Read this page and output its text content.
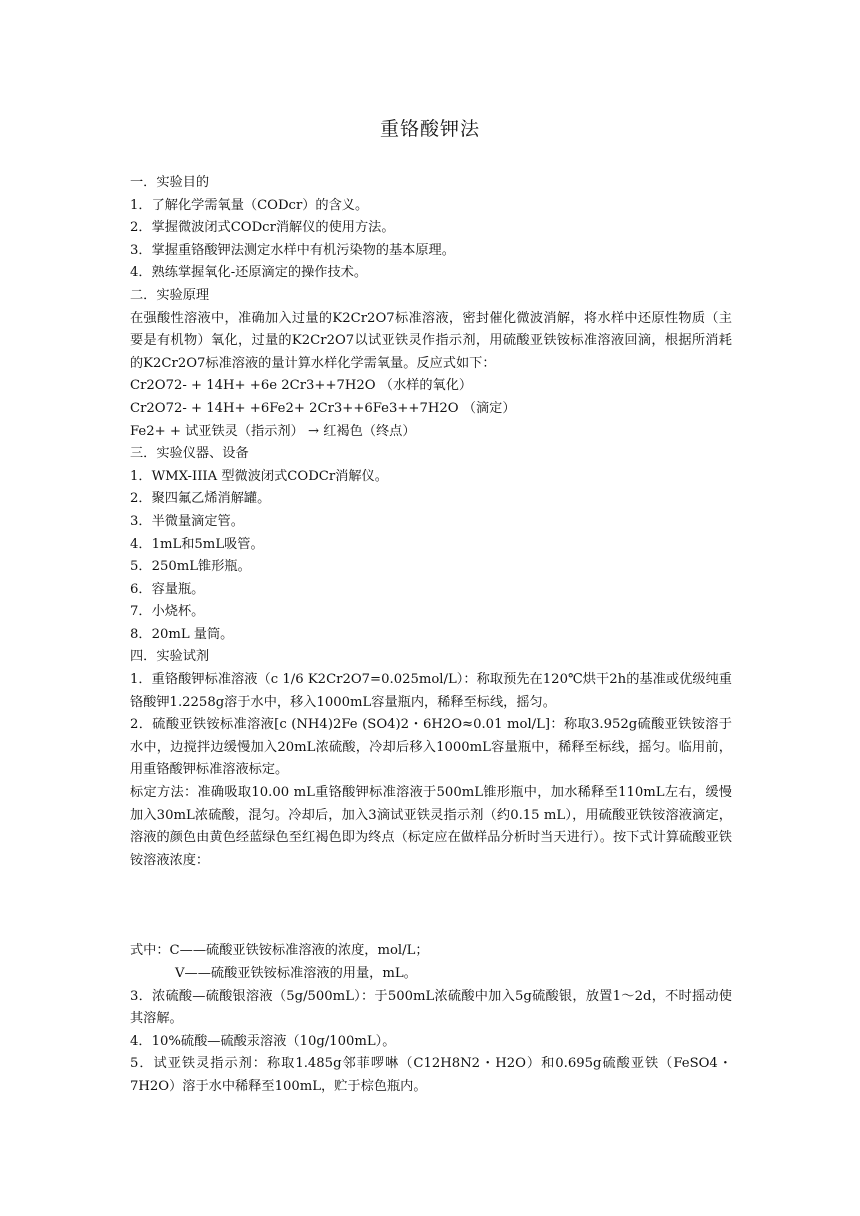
重铬酸钾法
一．实验目的
1．了解化学需氧量（CODcr）的含义。
2．掌握微波闭式CODcr消解仪的使用方法。
3．掌握重铬酸钾法测定水样中有机污染物的基本原理。
4．熟练掌握氧化-还原滴定的操作技术。
二．实验原理
在强酸性溶液中，准确加入过量的K2Cr2O7标准溶液，密封催化微波消解，将水样中还原性物质（主要是有机物）氧化，过量的K2Cr2O7以试亚铁灵作指示剂，用硫酸亚铁铵标准溶液回滴，根据所消耗的K2Cr2O7标准溶液的量计算水样化学需氧量。反应式如下：
Cr2O72- + 14H+ +6e 2Cr3++7H2O （水样的氧化）
Cr2O72- + 14H+ +6Fe2+ 2Cr3++6Fe3++7H2O （滴定）
Fe2+ + 试亚铁灵（指示剂） → 红褐色（终点）
三．实验仪器、设备
1．WMX-IIIA 型微波闭式CODCr消解仪。
2．聚四氟乙烯消解罐。
3．半微量滴定管。
4．1mL和5mL吸管。
5．250mL锥形瓶。
6．容量瓶。
7．小烧杯。
8．20mL 量筒。
四．实验试剂
1．重铬酸钾标准溶液（c 1/6 K2Cr2O7=0.025mol/L）：称取预先在120℃烘干2h的基准或优级纯重铬酸钾1.2258g溶于水中，移入1000mL容量瓶内，稀释至标线，摇匀。
2．硫酸亚铁铵标准溶液[c (NH4)2Fe (SO4)2・6H2O≈0.01 mol/L]：称取3.952g硫酸亚铁铵溶于水中，边搅拌边缓慢加入20mL浓硫酸，冷却后移入1000mL容量瓶中，稀释至标线，摇匀。临用前，用重铬酸钾标准溶液标定。
标定方法：准确吸取10.00 mL重铬酸钾标准溶液于500mL锥形瓶中，加水稀释至110mL左右，缓慢加入30mL浓硫酸，混匀。冷却后，加入3滴试亚铁灵指示剂（约0.15 mL），用硫酸亚铁铵溶液滴定，溶液的颜色由黄色经蓝绿色至红褐色即为终点（标定应在做样品分析时当天进行）。按下式计算硫酸亚铁铵溶液浓度：
式中：C——硫酸亚铁铵标准溶液的浓度，mol/L；
V——硫酸亚铁铵标准溶液的用量，mL。
3．浓硫酸—硫酸银溶液（5g/500mL）：于500mL浓硫酸中加入5g硫酸银，放置1～2d，不时摇动使其溶解。
4．10%硫酸—硫酸汞溶液（10g/100mL）。
5．试亚铁灵指示剂：称取1.485g邻菲啰啉（C12H8N2・H2O）和0.695g硫酸亚铁（FeSO4・7H2O）溶于水中稀释至100mL，贮于棕色瓶内。
